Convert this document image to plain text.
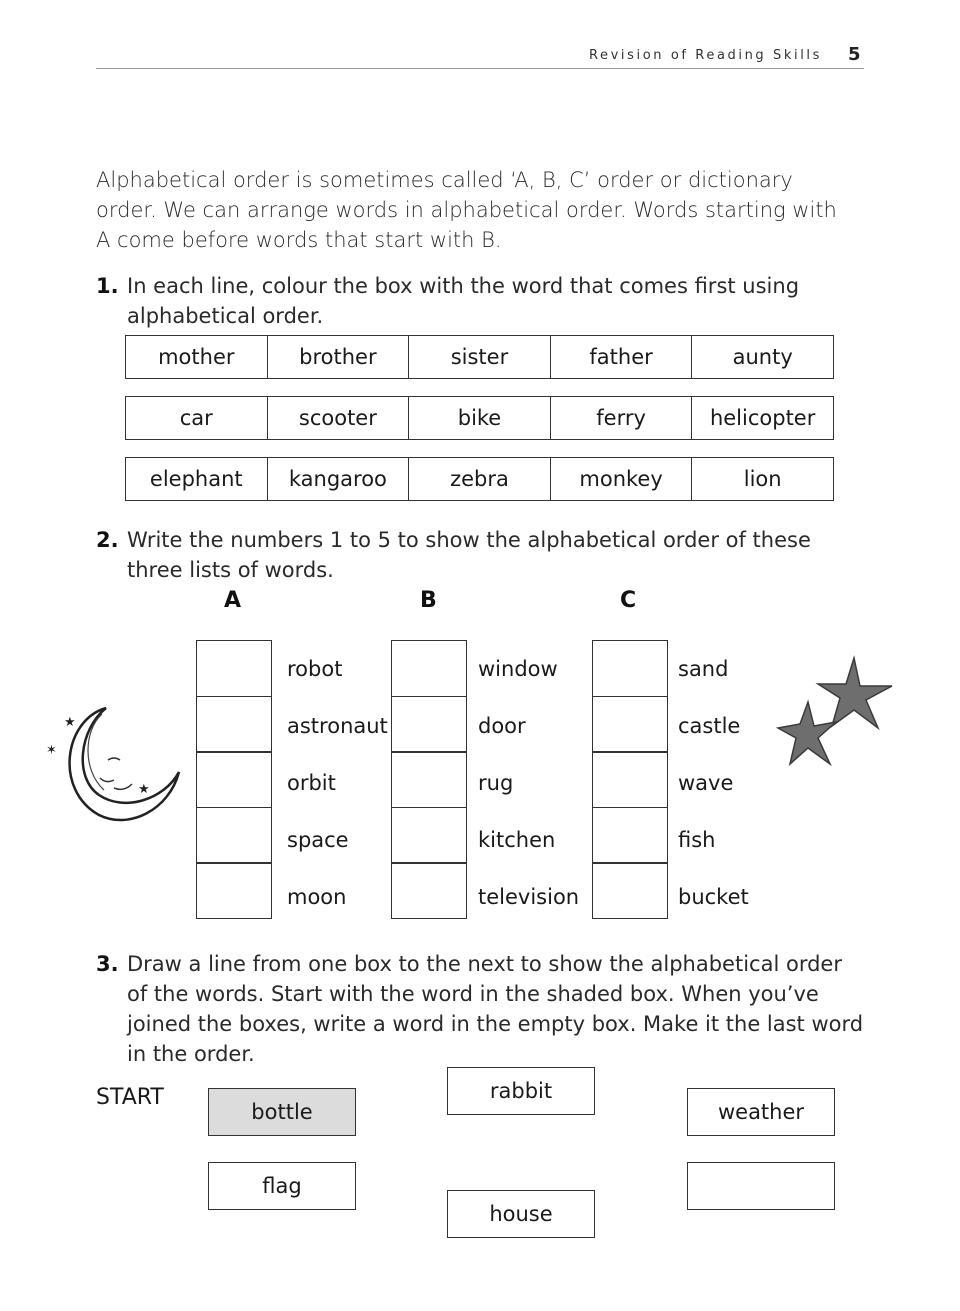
Revision of Reading Skills 5
Alphabetical order is sometimes called ‘A, B, C’ order or dictionary order. We can arrange words in alphabetical order. Words starting with A come before words that start with B.
1. In each line, colour the box with the word that comes first using alphabetical order.
mother	brother	sister	father	aunty
car	scooter	bike	ferry	helicopter
elephant	kangaroo	zebra	monkey	lion
2. Write the numbers 1 to 5 to show the alphabetical order of these three lists of words.
A	B	C
robot
astronaut
orbit
space
moon
window
door
rug
kitchen
television
sand
castle
wave
fish
bucket
★
✶
★
3. Draw a line from one box to the next to show the alphabetical order of the words. Start with the word in the shaded box. When you’ve joined the boxes, write a word in the empty box. Make it the last word in the order.
START
bottle
rabbit
weather
flag
house
